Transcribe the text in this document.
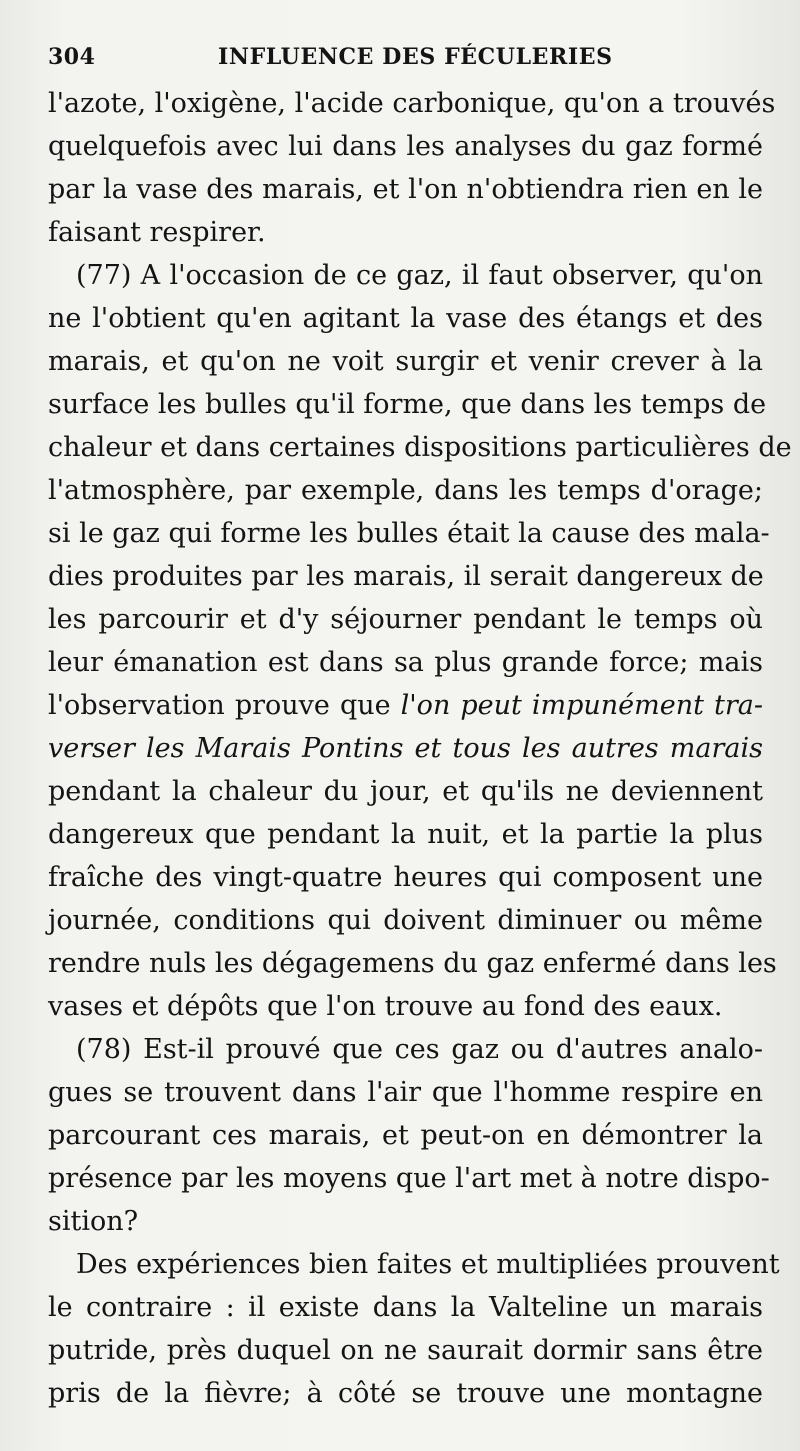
304	INFLUENCE DES FÉCULERIES
l'azote, l'oxigène, l'acide carbonique, qu'on a trouvés
quelquefois avec lui dans les analyses du gaz formé
par la vase des marais, et l'on n'obtiendra rien en le
faisant respirer.
(77) A l'occasion de ce gaz, il faut observer, qu'on
ne l'obtient qu'en agitant la vase des étangs et des
marais, et qu'on ne voit surgir et venir crever à la
surface les bulles qu'il forme, que dans les temps de
chaleur et dans certaines dispositions particulières de
l'atmosphère, par exemple, dans les temps d'orage;
si le gaz qui forme les bulles était la cause des mala-
dies produites par les marais, il serait dangereux de
les parcourir et d'y séjourner pendant le temps où
leur émanation est dans sa plus grande force; mais
l'observation prouve que l'on peut impunément tra-
verser les Marais Pontins et tous les autres marais
pendant la chaleur du jour, et qu'ils ne deviennent
dangereux que pendant la nuit, et la partie la plus
fraîche des vingt-quatre heures qui composent une
journée, conditions qui doivent diminuer ou même
rendre nuls les dégagemens du gaz enfermé dans les
vases et dépôts que l'on trouve au fond des eaux.
(78) Est-il prouvé que ces gaz ou d'autres analo-
gues se trouvent dans l'air que l'homme respire en
parcourant ces marais, et peut-on en démontrer la
présence par les moyens que l'art met à notre dispo-
sition?
Des expériences bien faites et multipliées prouvent
le contraire : il existe dans la Valteline un marais
putride, près duquel on ne saurait dormir sans être
pris de la fièvre; à côté se trouve une montagne
